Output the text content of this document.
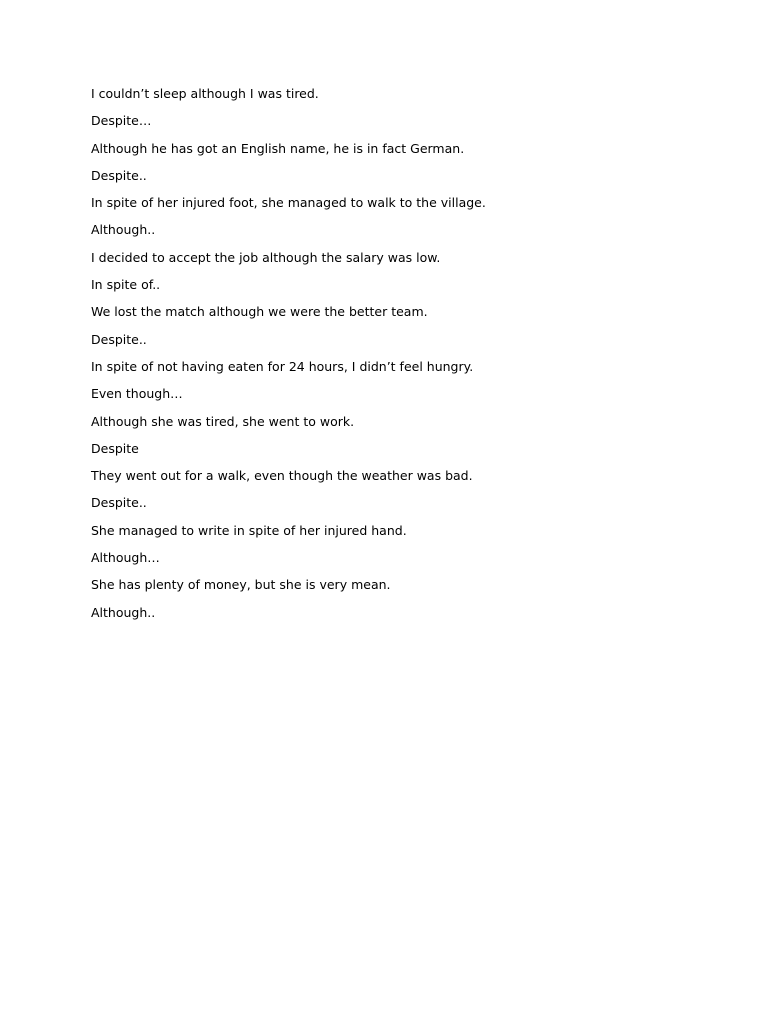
I couldn’t sleep although I was tired.
Despite…
Although he has got an English name, he is in fact German.
Despite..
In spite of her injured foot, she managed to walk to the village.
Although..
I decided to accept the job although the salary was low.
In spite of..
We lost the match although we were the better team.
Despite..
In spite of not having eaten for 24 hours, I didn’t feel hungry.
Even though…
Although she was tired, she went to work.
Despite
They went out for a walk, even though the weather was bad.
Despite..
She managed to write in spite of her injured hand.
Although…
She has plenty of money, but she is very mean.
Although..
